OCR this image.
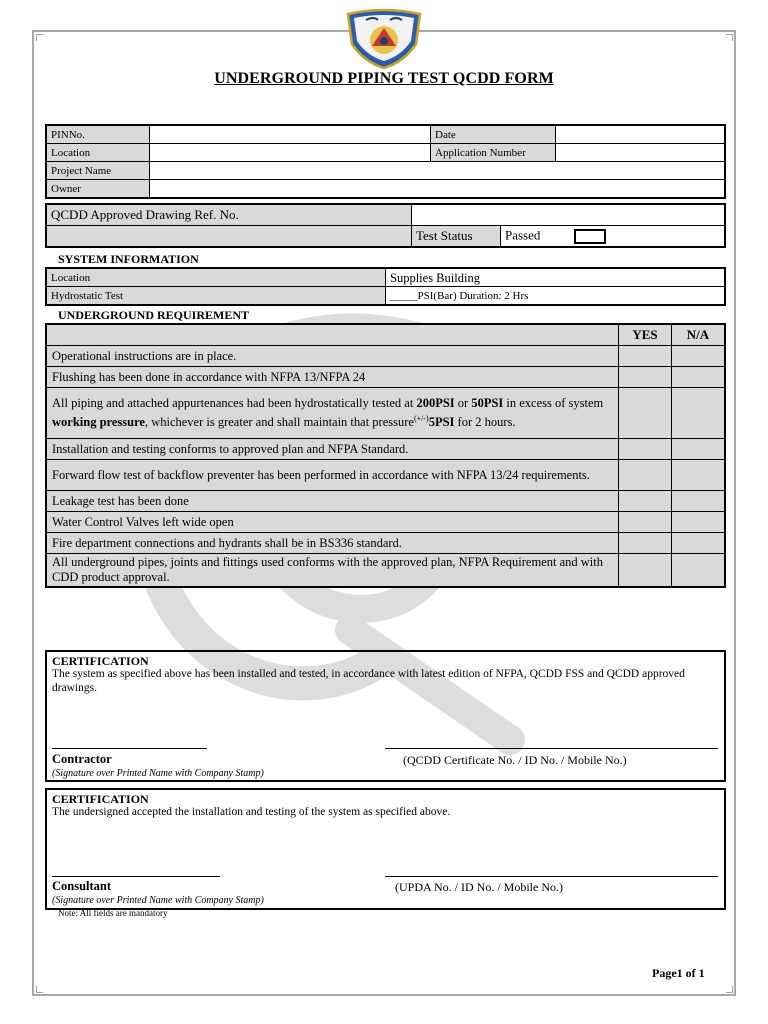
UNDERGROUND PIPING TEST QCDD FORM
PINNo.		Date	
Location		Application Number	
Project Name			
Owner			
QCDD Approved Drawing Ref. No.		
	Test Status	Passed
SYSTEM INFORMATION
Location	Supplies Building
Hydrostatic Test	_____PSI(Bar) Duration: 2 Hrs
UNDERGROUND REQUIREMENT
	YES	N/A
Operational instructions are in place.		
Flushing has been done in accordance with NFPA 13/NFPA 24		
All piping and attached appurtenances had been hydrostatically tested at 200PSI or 50PSI in excess of system working pressure, whichever is greater and shall maintain that pressure(+/-)5PSI for 2 hours.		
Installation and testing conforms to approved plan and NFPA Standard.		
Forward flow test of backflow preventer has been performed in accordance with NFPA 13/24 requirements.		
Leakage test has been done		
Water Control Valves left wide open		
Fire department connections and hydrants shall be in BS336 standard.		
All underground pipes, joints and fittings used conforms with the approved plan, NFPA Requirement and with CDD product approval.		
CERTIFICATION
The system as specified above has been installed and tested, in accordance with latest edition of NFPA, QCDD FSS and QCDD approved drawings.
Contractor
(Signature over Printed Name with Company Stamp)
(QCDD Certificate No. / ID No. / Mobile No.)
CERTIFICATION
The undersigned accepted the installation and testing of the system as specified above.
Consultant
(Signature over Printed Name with Company Stamp)
(UPDA No. / ID No. / Mobile No.)
Note: All fields are mandatory
Page1 of 1
